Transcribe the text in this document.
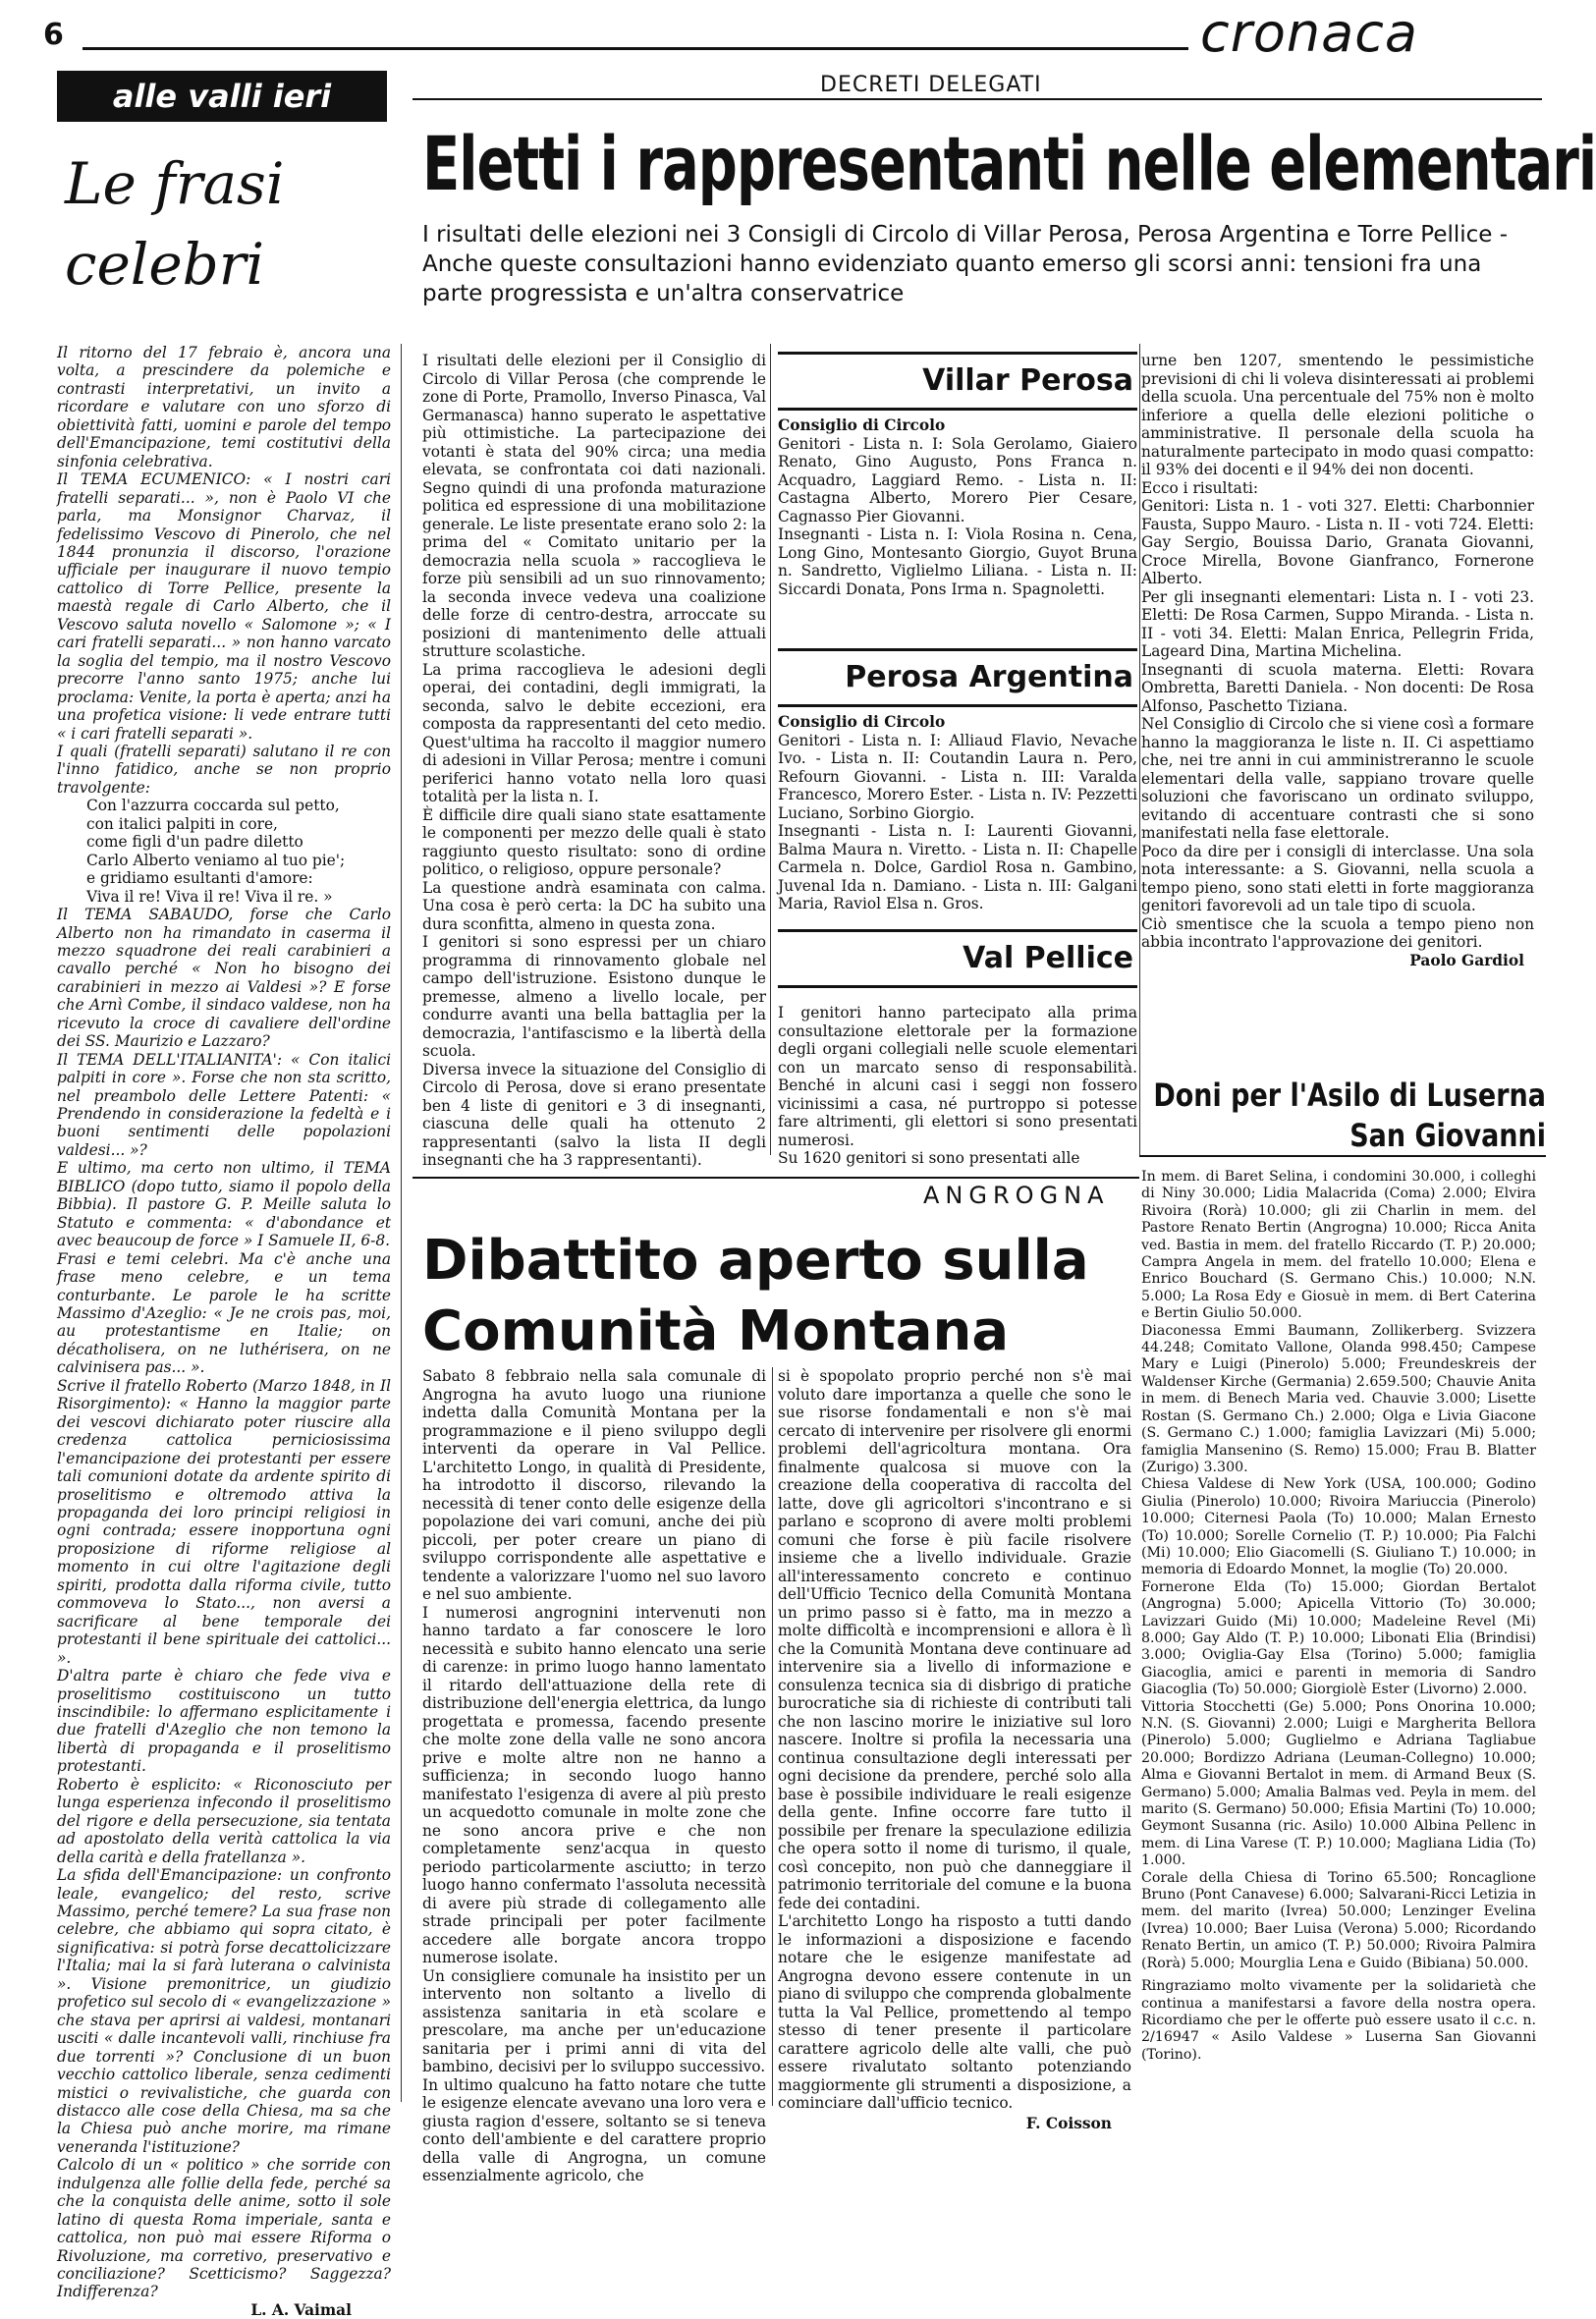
6	cronaca
alle valli ieri
Le frasi celebri

Il ritorno del 17 febraio è, ancora una volta, a prescindere da polemiche e contrasti interpretativi, un invito a ricordare e valutare con uno sforzo di obiettività fatti, uomini e parole del tempo dell'Emancipazione, temi costitutivi della sinfonia celebrativa.

Il TEMA ECUMENICO: « I nostri cari fratelli separati... », non è Paolo VI che parla, ma Monsignor Charvaz, il fedelissimo Vescovo di Pinerolo, che nel 1844 pronunzia il discorso, l'orazione ufficiale per inaugurare il nuovo tempio cattolico di Torre Pellice, presente la maestà regale di Carlo Alberto, che il Vescovo saluta novello « Salomone »; « I cari fratelli separati... » non hanno varcato la soglia del tempio, ma il nostro Vescovo precorre l'anno santo 1975; anche lui proclama: Venite, la porta è aperta; anzi ha una profetica visione: li vede entrare tutti « i cari fratelli separati ».

I quali (fratelli separati) salutano il re con l'inno fatidico, anche se non proprio travolgente:

Con l'azzurra coccarda sul petto,
con italici palpiti in core,
come figli d'un padre diletto
Carlo Alberto veniamo al tuo pie';
e gridiamo esultanti d'amore:
Viva il re! Viva il re! Viva il re. »

Il TEMA SABAUDO, forse che Carlo Alberto non ha rimandato in caserma il mezzo squadrone dei reali carabinieri a cavallo perché « Non ho bisogno dei carabinieri in mezzo ai Valdesi »? E forse che Arnì Combe, il sindaco valdese, non ha ricevuto la croce di cavaliere dell'ordine dei SS. Maurizio e Lazzaro?

Il TEMA DELL'ITALIANITA': « Con italici palpiti in core ». Forse che non sta scritto, nel preambolo delle Lettere Patenti: « Prendendo in considerazione la fedeltà e i buoni sentimenti delle popolazioni valdesi... »?

E ultimo, ma certo non ultimo, il TEMA BIBLICO (dopo tutto, siamo il popolo della Bibbia). Il pastore G. P. Meille saluta lo Statuto e commenta: « d'abondance et avec beaucoup de force » I Samuele II, 6-8.

Frasi e temi celebri. Ma c'è anche una frase meno celebre, e un tema conturbante. Le parole le ha scritte Massimo d'Azeglio: « Je ne crois pas, moi, au protestantisme en Italie; on décatholisera, on ne luthérisera, on ne calvinisera pas... ».

Scrive il fratello Roberto (Marzo 1848, in Il Risorgimento): « Hanno la maggior parte dei vescovi dichiarato poter riuscire alla credenza cattolica perniciosissima l'emancipazione dei protestanti per essere tali comunioni dotate da ardente spirito di proselitismo e oltremodo attiva la propaganda dei loro principi religiosi in ogni contrada; essere inopportuna ogni proposizione di riforme religiose al momento in cui oltre l'agitazione degli spiriti, prodotta dalla riforma civile, tutto commoveva lo Stato..., non aversi a sacrificare al bene temporale dei protestanti il bene spirituale dei cattolici... ».

D'altra parte è chiaro che fede viva e proselitismo costituiscono un tutto inscindibile: lo affermano esplicitamente i due fratelli d'Azeglio che non temono la libertà di propaganda e il proselitismo protestanti.

Roberto è esplicito: « Riconosciuto per lunga esperienza infecondo il proselitismo del rigore e della persecuzione, sia tentata ad apostolato della verità cattolica la via della carità e della fratellanza ».

La sfida dell'Emancipazione: un confronto leale, evangelico; del resto, scrive Massimo, perché temere? La sua frase non celebre, che abbiamo qui sopra citato, è significativa: si potrà forse decattolicizzare l'Italia; mai la si farà luterana o calvinista ». Visione premonitrice, un giudizio profetico sul secolo di « evangelizzazione » che stava per aprirsi ai valdesi, montanari usciti « dalle incantevoli valli, rinchiuse fra due torrenti »? Conclusione di un buon vecchio cattolico liberale, senza cedimenti mistici o revivalistiche, che guarda con distacco alle cose della Chiesa, ma sa che la Chiesa può anche morire, ma rimane veneranda l'istituzione?

Calcolo di un « politico » che sorride con indulgenza alle follie della fede, perché sa che la conquista delle anime, sotto il sole latino di questa Roma imperiale, santa e cattolica, non può mai essere Riforma o Rivoluzione, ma corretivo, preservativo e conciliazione? Scetticismo? Saggezza? Indifferenza?

L. A. Vaimal

DECRETI DELEGATI
Eletti i rappresentanti nelle elementari
I risultati delle elezioni nei 3 Consigli di Circolo di Villar Perosa, Perosa Argentina e Torre Pellice - Anche queste consultazioni hanno evidenziato quanto emerso gli scorsi anni: tensioni fra una parte progressista e un'altra conservatrice

I risultati delle elezioni per il Consiglio di Circolo di Villar Perosa (che comprende le zone di Porte, Pramollo, Inverso Pinasca, Val Germanasca) hanno superato le aspettative più ottimistiche. La partecipazione dei votanti è stata del 90% circa; una media elevata, se confrontata coi dati nazionali. Segno quindi di una profonda maturazione politica ed espressione di una mobilitazione generale. Le liste presentate erano solo 2: la prima del « Comitato unitario per la democrazia nella scuola » raccoglieva le forze più sensibili ad un suo rinnovamento; la seconda invece vedeva una coalizione delle forze di centro-destra, arroccate su posizioni di mantenimento delle attuali strutture scolastiche.

La prima raccoglieva le adesioni degli operai, dei contadini, degli immigrati, la seconda, salvo le debite eccezioni, era composta da rappresentanti del ceto medio. Quest'ultima ha raccolto il maggior numero di adesioni in Villar Perosa; mentre i comuni periferici hanno votato nella loro quasi totalità per la lista n. I.

È difficile dire quali siano state esattamente le componenti per mezzo delle quali è stato raggiunto questo risultato: sono di ordine politico, o religioso, oppure personale?

La questione andrà esaminata con calma. Una cosa è però certa: la DC ha subito una dura sconfitta, almeno in questa zona.

I genitori si sono espressi per un chiaro programma di rinnovamento globale nel campo dell'istruzione. Esistono dunque le premesse, almeno a livello locale, per condurre avanti una bella battaglia per la democrazia, l'antifascismo e la libertà della scuola.

Diversa invece la situazione del Consiglio di Circolo di Perosa, dove si erano presentate ben 4 liste di genitori e 3 di insegnanti, ciascuna delle quali ha ottenuto 2 rappresentanti (salvo la lista II degli insegnanti che ha 3 rappresentanti).

Villar Perosa

Consiglio di Circolo

Genitori - Lista n. I: Sola Gerolamo, Giaiero Renato, Gino Augusto, Pons Franca n. Acquadro, Laggiard Remo. - Lista n. II: Castagna Alberto, Morero Pier Cesare, Cagnasso Pier Giovanni.

Insegnanti - Lista n. I: Viola Rosina n. Cena, Long Gino, Montesanto Giorgio, Guyot Bruna n. Sandretto, Viglielmo Liliana. - Lista n. II: Siccardi Donata, Pons Irma n. Spagnoletti.

Perosa Argentina

Consiglio di Circolo

Genitori - Lista n. I: Alliaud Flavio, Nevache Ivo. - Lista n. II: Coutandin Laura n. Pero, Refourn Giovanni. - Lista n. III: Varalda Francesco, Morero Ester. - Lista n. IV: Pezzetti Luciano, Sorbino Giorgio.

Insegnanti - Lista n. I: Laurenti Giovanni, Balma Maura n. Viretto. - Lista n. II: Chapelle Carmela n. Dolce, Gardiol Rosa n. Gambino, Juvenal Ida n. Damiano. - Lista n. III: Galgani Maria, Raviol Elsa n. Gros.

Val Pellice

I genitori hanno partecipato alla prima consultazione elettorale per la formazione degli organi collegiali nelle scuole elementari con un marcato senso di responsabilità. Benché in alcuni casi i seggi non fossero vicinissimi a casa, né purtroppo si potesse fare altrimenti, gli elettori si sono presentati numerosi.

Su 1620 genitori si sono presentati alle

urne ben 1207, smentendo le pessimistiche previsioni di chi li voleva disinteressati ai problemi della scuola. Una percentuale del 75% non è molto inferiore a quella delle elezioni politiche o amministrative. Il personale della scuola ha naturalmente partecipato in modo quasi compatto: il 93% dei docenti e il 94% dei non docenti.

Ecco i risultati:

Genitori: Lista n. 1 - voti 327. Eletti: Charbonnier Fausta, Suppo Mauro. - Lista n. II - voti 724. Eletti: Gay Sergio, Bouissa Dario, Granata Giovanni, Croce Mirella, Bovone Gianfranco, Fornerone Alberto.

Per gli insegnanti elementari: Lista n. I - voti 23. Eletti: De Rosa Carmen, Suppo Miranda. - Lista n. II - voti 34. Eletti: Malan Enrica, Pellegrin Frida, Lageard Dina, Martina Michelina.

Insegnanti di scuola materna. Eletti: Rovara Ombretta, Baretti Daniela. - Non docenti: De Rosa Alfonso, Paschetto Tiziana.

Nel Consiglio di Circolo che si viene così a formare hanno la maggioranza le liste n. II. Ci aspettiamo che, nei tre anni in cui amministreranno le scuole elementari della valle, sappiano trovare quelle soluzioni che favoriscano un ordinato sviluppo, evitando di accentuare contrasti che si sono manifestati nella fase elettorale.

Poco da dire per i consigli di interclasse. Una sola nota interessante: a S. Giovanni, nella scuola a tempo pieno, sono stati eletti in forte maggioranza genitori favorevoli ad un tale tipo di scuola.

Ciò smentisce che la scuola a tempo pieno non abbia incontrato l'approvazione dei genitori.

Paolo Gardiol

ANGROGNA
Dibattito aperto sulla Comunità Montana

Sabato 8 febbraio nella sala comunale di Angrogna ha avuto luogo una riunione indetta dalla Comunità Montana per la programmazione e il pieno sviluppo degli interventi da operare in Val Pellice. L'architetto Longo, in qualità di Presidente, ha introdotto il discorso, rilevando la necessità di tener conto delle esigenze della popolazione dei vari comuni, anche dei più piccoli, per poter creare un piano di sviluppo corrispondente alle aspettative e tendente a valorizzare l'uomo nel suo lavoro e nel suo ambiente.

I numerosi angrognini intervenuti non hanno tardato a far conoscere le loro necessità e subito hanno elencato una serie di carenze: in primo luogo hanno lamentato il ritardo dell'attuazione della rete di distribuzione dell'energia elettrica, da lungo progettata e promessa, facendo presente che molte zone della valle ne sono ancora prive e molte altre non ne hanno a sufficienza; in secondo luogo hanno manifestato l'esigenza di avere al più presto un acquedotto comunale in molte zone che ne sono ancora prive e che non completamente senz'acqua in questo periodo particolarmente asciutto; in terzo luogo hanno confermato l'assoluta necessità di avere più strade di collegamento alle strade principali per poter facilmente accedere alle borgate ancora troppo numerose isolate.

Un consigliere comunale ha insistito per un intervento non soltanto a livello di assistenza sanitaria in età scolare e prescolare, ma anche per un'educazione sanitaria per i primi anni di vita del bambino, decisivi per lo sviluppo successivo.

In ultimo qualcuno ha fatto notare che tutte le esigenze elencate avevano una loro vera e giusta ragion d'essere, soltanto se si teneva conto dell'ambiente e del carattere proprio della valle di Angrogna, un comune essenzialmente agricolo, che

si è spopolato proprio perché non s'è mai voluto dare importanza a quelle che sono le sue risorse fondamentali e non s'è mai cercato di intervenire per risolvere gli enormi problemi dell'agricoltura montana. Ora finalmente qualcosa si muove con la creazione della cooperativa di raccolta del latte, dove gli agricoltori s'incontrano e si parlano e scoprono di avere molti problemi comuni che forse è più facile risolvere insieme che a livello individuale. Grazie all'interessamento concreto e continuo dell'Ufficio Tecnico della Comunità Montana un primo passo si è fatto, ma in mezzo a molte difficoltà e incomprensioni e allora è lì che la Comunità Montana deve continuare ad intervenire sia a livello di informazione e consulenza tecnica sia di disbrigo di pratiche burocratiche sia di richieste di contributi tali che non lascino morire le iniziative sul loro nascere. Inoltre si profila la necessaria una continua consultazione degli interessati per ogni decisione da prendere, perché solo alla base è possibile individuare le reali esigenze della gente. Infine occorre fare tutto il possibile per frenare la speculazione edilizia che opera sotto il nome di turismo, il quale, così concepito, non può che danneggiare il patrimonio territoriale del comune e la buona fede dei contadini.

L'architetto Longo ha risposto a tutti dando le informazioni a disposizione e facendo notare che le esigenze manifestate ad Angrogna devono essere contenute in un piano di sviluppo che comprenda globalmente tutta la Val Pellice, promettendo al tempo stesso di tener presente il particolare carattere agricolo delle alte valli, che può essere rivalutato soltanto potenziando maggiormente gli strumenti a disposizione, a cominciare dall'ufficio tecnico.

F. Coisson

Doni per l'Asilo di Luserna San Giovanni

In mem. di Baret Selina, i condomini 30.000, i colleghi di Niny 30.000; Lidia Malacrida (Coma) 2.000; Elvira Rivoira (Rorà) 10.000; gli zii Charlin in mem. del Pastore Renato Bertin (Angrogna) 10.000; Ricca Anita ved. Bastia in mem. del fratello Riccardo (T. P.) 20.000; Campra Angela in mem. del fratello 10.000; Elena e Enrico Bouchard (S. Germano Chis.) 10.000; N.N. 5.000; La Rosa Edy e Giosuè in mem. di Bert Caterina e Bertin Giulio 50.000.

Diaconessa Emmi Baumann, Zollikerberg. Svizzera 44.248; Comitato Vallone, Olanda 998.450; Campese Mary e Luigi (Pinerolo) 5.000; Freundeskreis der Waldenser Kirche (Germania) 2.659.500; Chauvie Anita in mem. di Benech Maria ved. Chauvie 3.000; Lisette Rostan (S. Germano Ch.) 2.000; Olga e Livia Giacone (S. Germano C.) 1.000; famiglia Lavizzari (Mi) 5.000; famiglia Mansenino (S. Remo) 15.000; Frau B. Blatter (Zurigo) 3.300.

Chiesa Valdese di New York (USA, 100.000; Godino Giulia (Pinerolo) 10.000; Rivoira Mariuccia (Pinerolo) 10.000; Citernesi Paola (To) 10.000; Malan Ernesto (To) 10.000; Sorelle Cornelio (T. P.) 10.000; Pia Falchi (Mi) 10.000; Elio Giacomelli (S. Giuliano T.) 10.000; in memoria di Edoardo Monnet, la moglie (To) 20.000.

Fornerone Elda (To) 15.000; Giordan Bertalot (Angrogna) 5.000; Apicella Vittorio (To) 30.000; Lavizzari Guido (Mi) 10.000; Madeleine Revel (Mi) 8.000; Gay Aldo (T. P.) 10.000; Libonati Elia (Brindisi) 3.000; Oviglia-Gay Elsa (Torino) 5.000; famiglia Giacoglia, amici e parenti in memoria di Sandro Giacoglia (To) 50.000; Giorgiolè Ester (Livorno) 2.000.

Vittoria Stocchetti (Ge) 5.000; Pons Onorina 10.000; N.N. (S. Giovanni) 2.000; Luigi e Margherita Bellora (Pinerolo) 5.000; Guglielmo e Adriana Tagliabue 20.000; Bordizzo Adriana (Leuman-Collegno) 10.000; Alma e Giovanni Bertalot in mem. di Armand Beux (S. Germano) 5.000; Amalia Balmas ved. Peyla in mem. del marito (S. Germano) 50.000; Efisia Martini (To) 10.000; Geymont Susanna (ric. Asilo) 10.000 Albina Pellenc in mem. di Lina Varese (T. P.) 10.000; Magliana Lidia (To) 1.000.

Corale della Chiesa di Torino 65.500; Roncaglione Bruno (Pont Canavese) 6.000; Salvarani-Ricci Letizia in mem. del marito (Ivrea) 50.000; Lenzinger Evelina (Ivrea) 10.000; Baer Luisa (Verona) 5.000; Ricordando Renato Bertin, un amico (T. P.) 50.000; Rivoira Palmira (Rorà) 5.000; Mourglia Lena e Guido (Bibiana) 50.000.

Ringraziamo molto vivamente per la solidarietà che continua a manifestarsi a favore della nostra opera. Ricordiamo che per le offerte può essere usato il c.c. n. 2/16947 « Asilo Valdese » Luserna San Giovanni (Torino).
